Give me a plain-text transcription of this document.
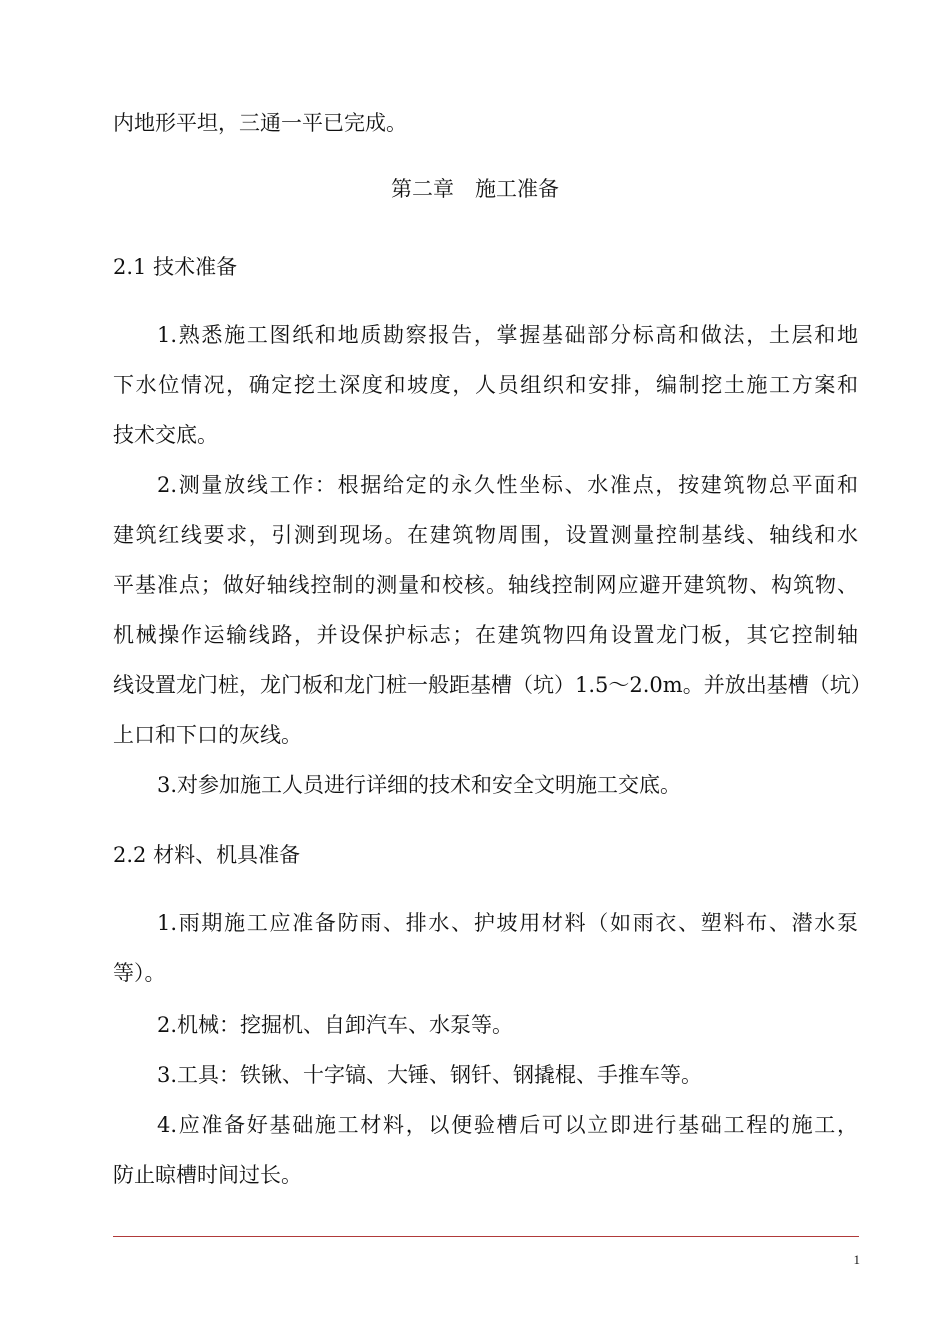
内地形平坦，三通一平已完成。
第二章　施工准备
2.1 技术准备
1.熟悉施工图纸和地质勘察报告，掌握基础部分标高和做法，土层和地
下水位情况，确定挖土深度和坡度，人员组织和安排，编制挖土施工方案和
技术交底。
2.测量放线工作：根据给定的永久性坐标、水准点，按建筑物总平面和
建筑红线要求，引测到现场。在建筑物周围，设置测量控制基线、轴线和水
平基准点；做好轴线控制的测量和校核。轴线控制网应避开建筑物、构筑物、
机械操作运输线路，并设保护标志；在建筑物四角设置龙门板，其它控制轴
线设置龙门桩，龙门板和龙门桩一般距基槽（坑）1.5～2.0m。并放出基槽（坑）
上口和下口的灰线。
3.对参加施工人员进行详细的技术和安全文明施工交底。
2.2 材料、机具准备
1.雨期施工应准备防雨、排水、护坡用材料（如雨衣、塑料布、潜水泵
等）。
2.机械：挖掘机、自卸汽车、水泵等。
3.工具：铁锹、十字镐、大锤、钢钎、钢撬棍、手推车等。
4.应准备好基础施工材料，以便验槽后可以立即进行基础工程的施工，
防止晾槽时间过长。
1
